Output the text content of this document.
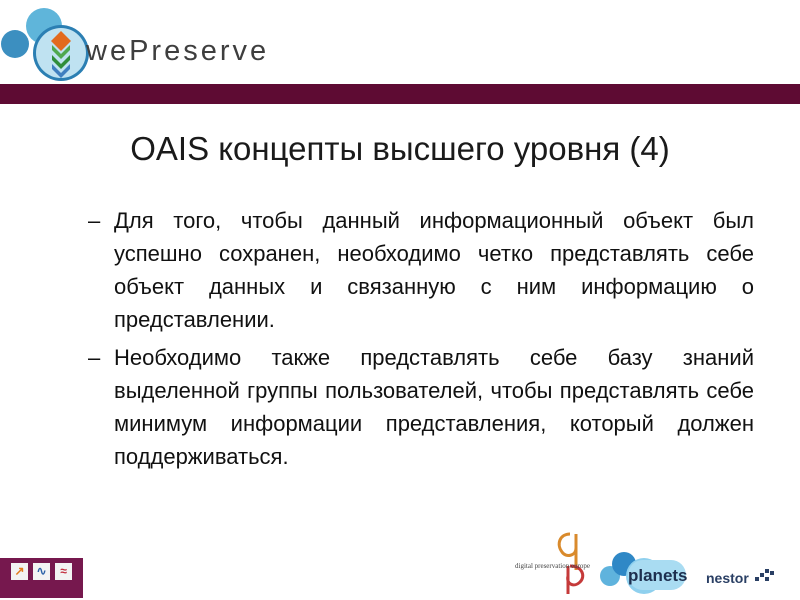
wePreserve
OAIS концепты высшего уровня (4)
– Для того, чтобы данный информационный объект был успешно сохранен, необходимо четко представлять себе объект данных и связанную с ним информацию о представлении.
– Необходимо также представлять себе базу знаний выделенной группы пользователей, чтобы представлять себе минимум информации представления, который должен поддерживаться.
↗ ∿	≈	digital preservation europe planets nestor
